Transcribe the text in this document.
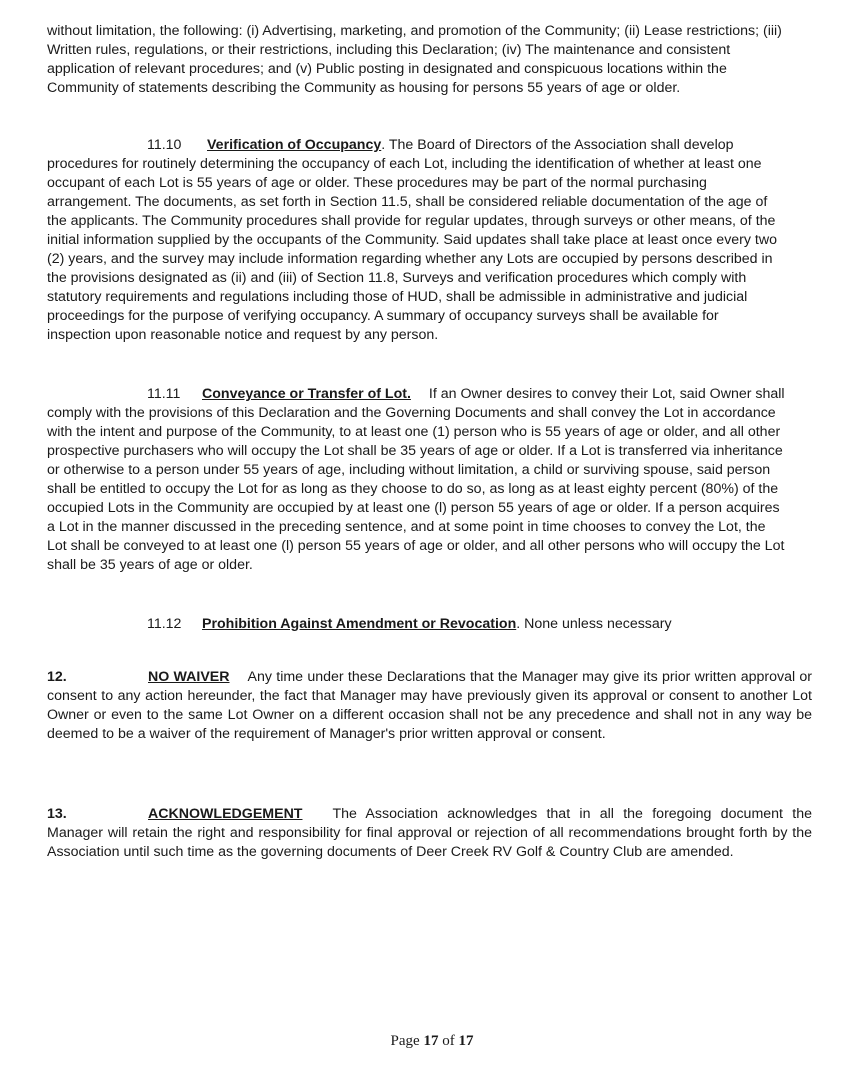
without limitation, the following: (i) Advertising, marketing, and promotion of the Community; (ii) Lease restrictions; (iii) Written rules, regulations, or their restrictions, including this Declaration; (iv) The maintenance and consistent application of relevant procedures; and (v) Public posting in designated and conspicuous locations within the Community of statements describing the Community as housing for persons 55 years of age or older.

11.10 Verification of Occupancy. The Board of Directors of the Association shall develop procedures for routinely determining the occupancy of each Lot, including the identification of whether at least one occupant of each Lot is 55 years of age or older. These procedures may be part of the normal purchasing arrangement. The documents, as set forth in Section 11.5, shall be considered reliable documentation of the age of the applicants. The Community procedures shall provide for regular updates, through surveys or other means, of the initial information supplied by the occupants of the Community. Said updates shall take place at least once every two (2) years, and the survey may include information regarding whether any Lots are occupied by persons described in the provisions designated as (ii) and (iii) of Section 11.8, Surveys and verification procedures which comply with statutory requirements and regulations including those of HUD, shall be admissible in administrative and judicial proceedings for the purpose of verifying occupancy. A summary of occupancy surveys shall be available for inspection upon reasonable notice and request by any person.

11.11 Conveyance or Transfer of Lot. If an Owner desires to convey their Lot, said Owner shall comply with the provisions of this Declaration and the Governing Documents and shall convey the Lot in accordance with the intent and purpose of the Community, to at least one (1) person who is 55 years of age or older, and all other prospective purchasers who will occupy the Lot shall be 35 years of age or older. If a Lot is transferred via inheritance or otherwise to a person under 55 years of age, including without limitation, a child or surviving spouse, said person shall be entitled to occupy the Lot for as long as they choose to do so, as long as at least eighty percent (80%) of the occupied Lots in the Community are occupied by at least one (l) person 55 years of age or older. If a person acquires a Lot in the manner discussed in the preceding sentence, and at some point in time chooses to convey the Lot, the Lot shall be conveyed to at least one (l) person 55 years of age or older, and all other persons who will occupy the Lot shall be 35 years of age or older.

11.12 Prohibition Against Amendment or Revocation. None unless necessary

12.	NO WAIVER Any time under these Declarations that the Manager may give its prior written approval or consent to any action hereunder, the fact that Manager may have previously given its approval or consent to another Lot Owner or even to the same Lot Owner on a different occasion shall not be any precedence and shall not in any way be deemed to be a waiver of the requirement of Manager's prior written approval or consent.

13.	ACKNOWLEDGEMENT The Association acknowledges that in all the foregoing document the Manager will retain the right and responsibility for final approval or rejection of all recommendations brought forth by the Association until such time as the governing documents of Deer Creek RV Golf & Country Club are amended.

Page 17 of 17
